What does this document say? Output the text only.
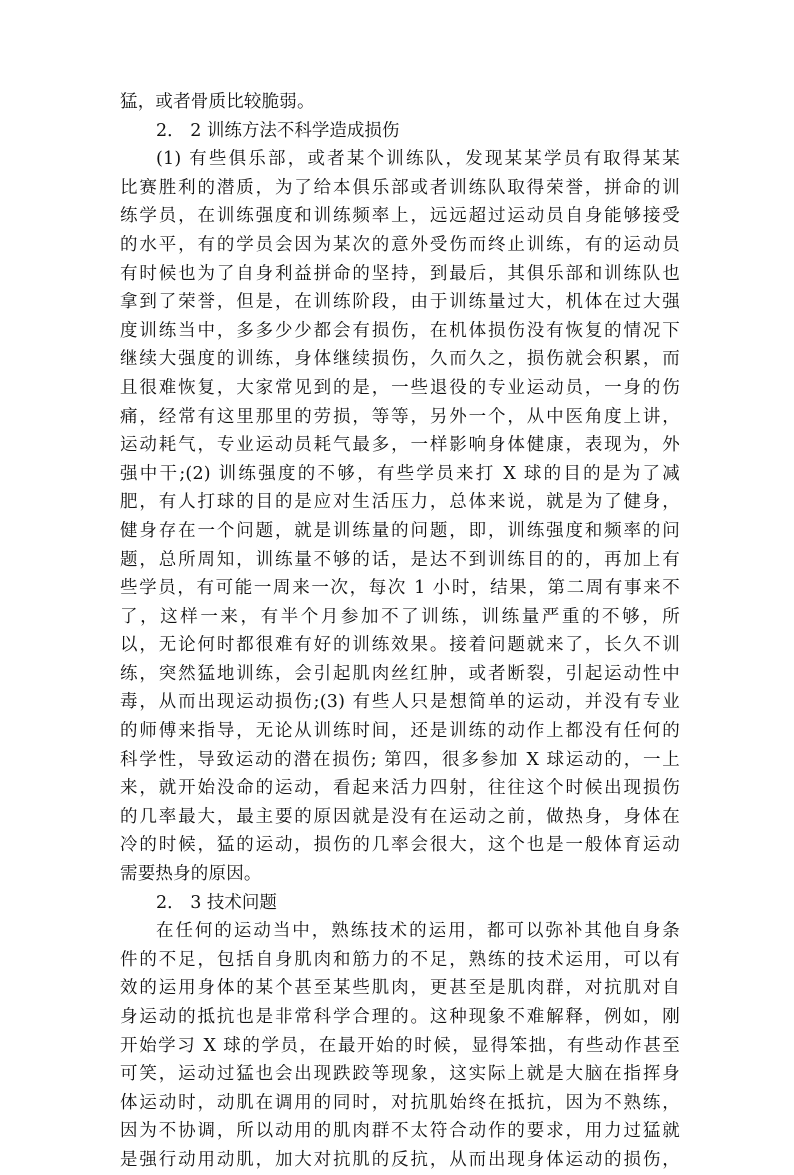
猛，或者骨质比较脆弱。
2． 2 训练方法不科学造成损伤
(1) 有些俱乐部，或者某个训练队，发现某某学员有取得某某
比赛胜利的潜质，为了给本俱乐部或者训练队取得荣誉，拼命的训
练学员，在训练强度和训练频率上，远远超过运动员自身能够接受
的水平，有的学员会因为某次的意外受伤而终止训练，有的运动员
有时候也为了自身利益拼命的坚持，到最后，其俱乐部和训练队也
拿到了荣誉，但是，在训练阶段，由于训练量过大，机体在过大强
度训练当中，多多少少都会有损伤，在机体损伤没有恢复的情况下
继续大强度的训练，身体继续损伤，久而久之，损伤就会积累，而
且很难恢复，大家常见到的是，一些退役的专业运动员，一身的伤
痛，经常有这里那里的劳损，等等，另外一个，从中医角度上讲，
运动耗气，专业运动员耗气最多，一样影响身体健康，表现为，外
强中干;(2) 训练强度的不够，有些学员来打 X 球的目的是为了减
肥，有人打球的目的是应对生活压力，总体来说，就是为了健身，
健身存在一个问题，就是训练量的问题，即，训练强度和频率的问
题，总所周知，训练量不够的话，是达不到训练目的的，再加上有
些学员，有可能一周来一次，每次 1 小时，结果，第二周有事来不
了，这样一来，有半个月参加不了训练，训练量严重的不够，所
以，无论何时都很难有好的训练效果。接着问题就来了，长久不训
练，突然猛地训练，会引起肌肉丝红肿，或者断裂，引起运动性中
毒，从而出现运动损伤;(3) 有些人只是想简单的运动，并没有专业
的师傅来指导，无论从训练时间，还是训练的动作上都没有任何的
科学性，导致运动的潜在损伤; 第四，很多参加 X 球运动的，一上
来，就开始没命的运动，看起来活力四射，往往这个时候出现损伤
的几率最大，最主要的原因就是没有在运动之前，做热身，身体在
冷的时候，猛的运动，损伤的几率会很大，这个也是一般体育运动
需要热身的原因。
2． 3 技术问题
在任何的运动当中，熟练技术的运用，都可以弥补其他自身条
件的不足，包括自身肌肉和筋力的不足，熟练的技术运用，可以有
效的运用身体的某个甚至某些肌肉，更甚至是肌肉群，对抗肌对自
身运动的抵抗也是非常科学合理的。这种现象不难解释，例如，刚
开始学习 X 球的学员，在最开始的时候，显得笨拙，有些动作甚至
可笑，运动过猛也会出现跌跤等现象，这实际上就是大脑在指挥身
体运动时，动肌在调用的同时，对抗肌始终在抵抗，因为不熟练，
因为不协调，所以动用的肌肉群不太符合动作的要求，用力过猛就
是强行动用动肌，加大对抗肌的反抗，从而出现身体运动的损伤，
